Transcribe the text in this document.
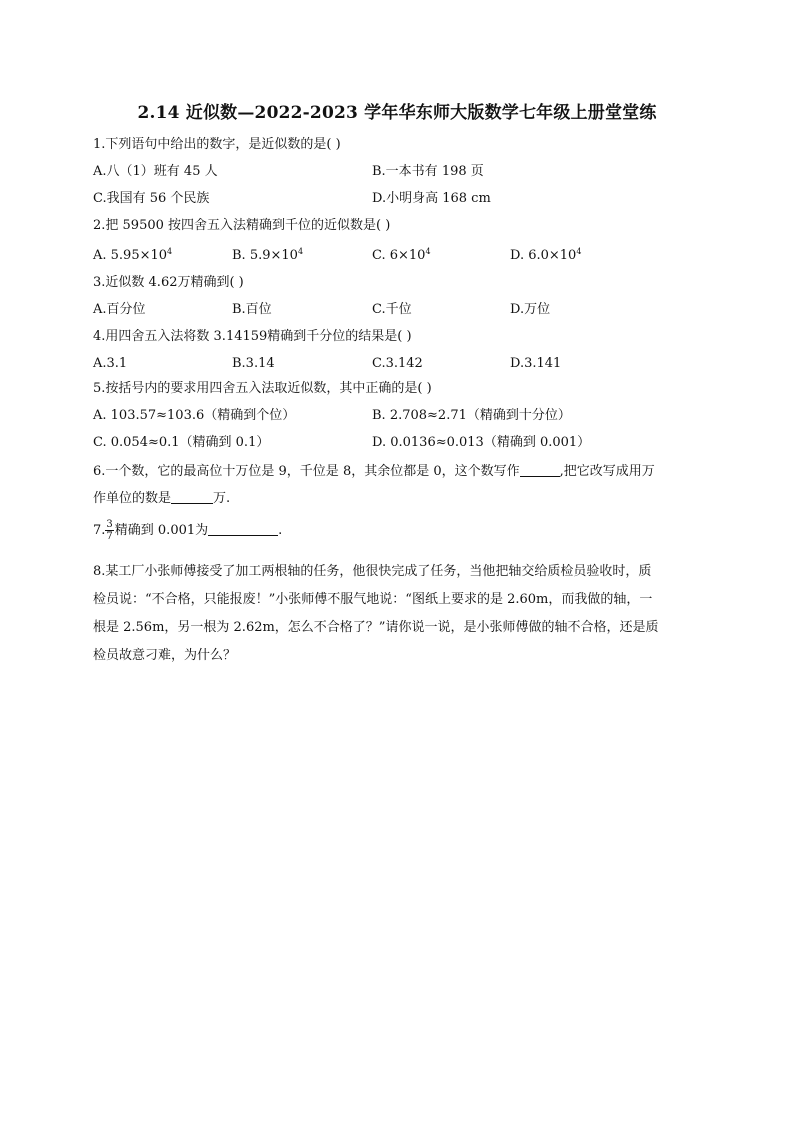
2.14 近似数—2022-2023 学年华东师大版数学七年级上册堂堂练
1.下列语句中给出的数字，是近似数的是( )
A.八（1）班有 45 人	B.一本书有 198 页
C.我国有 56 个民族	D.小明身高 168 cm
2.把 59500 按四舍五入法精确到千位的近似数是( )
A. $5.95\times 10^4$	B. $5.9\times 10^4$	C. $6\times 10^4$	D. $6.0\times 10^4$
3.近似数 4.62万精确到( )
A.百分位	B.百位	C.千位	D.万位
4.用四舍五入法将数 3.14159精确到千分位的结果是( )
A.3.1	B.3.14	C.3.142	D.3.141
5.按括号内的要求用四舍五入法取近似数，其中正确的是( )
A. 103.57≈103.6（精确到个位）	B. 2.708≈2.71（精确到十分位）
C. 0.054≈0.1（精确到 0.1）	D. 0.0136≈0.013（精确到 0.001）
6.一个数，它的最高位十万位是 9，千位是 8，其余位都是 0，这个数写作	,把它改写成用万
作单位的数是	万.
7. $\frac{3}{7}$ 精确到 0.001为	.
8.某工厂小张师傅接受了加工两根轴的任务，他很快完成了任务，当他把轴交给质检员验收时，质
检员说：“不合格，只能报废！”小张师傅不服气地说：“图纸上要求的是 2.60m，而我做的轴，一
根是 2.56m，另一根为 2.62m，怎么不合格了？”请你说一说，是小张师傅做的轴不合格，还是质
检员故意刁难，为什么？
